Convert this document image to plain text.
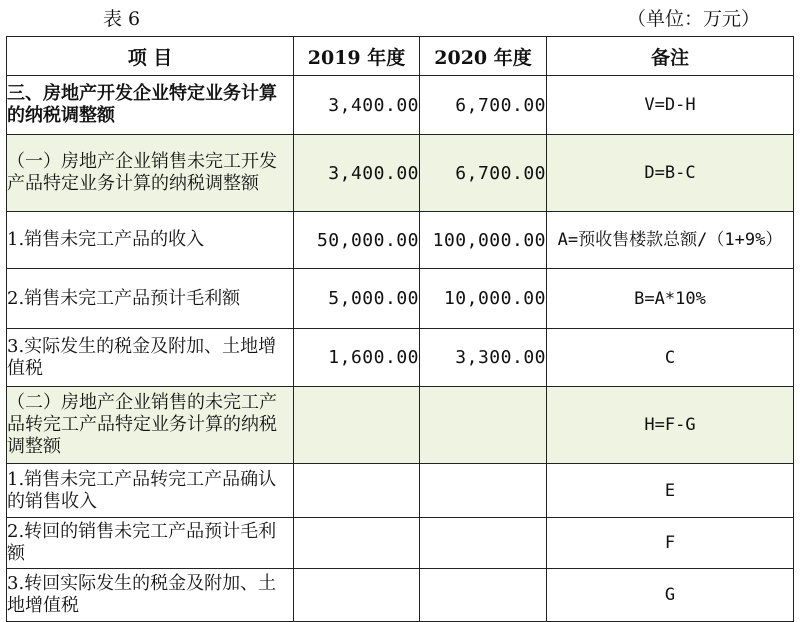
表 6	（单位：万元）
项 目	2019 年度	2020 年度	备注
三、房地产开发企业特定业务计算的纳税调整额	3,400.00	6,700.00	V=D-H
（一）房地产企业销售未完工开发产品特定业务计算的纳税调整额	3,400.00	6,700.00	D=B-C
1.销售未完工产品的收入	50,000.00	100,000.00	A=预收售楼款总额/（1+9%）
2.销售未完工产品预计毛利额	5,000.00	10,000.00	B=A*10%
3.实际发生的税金及附加、土地增值税	1,600.00	3,300.00	C
（二）房地产企业销售的未完工产品转完工产品特定业务计算的纳税调整额			H=F-G
1.销售未完工产品转完工产品确认的销售收入			E
2.转回的销售未完工产品预计毛利额			F
3.转回实际发生的税金及附加、土地增值税			G
